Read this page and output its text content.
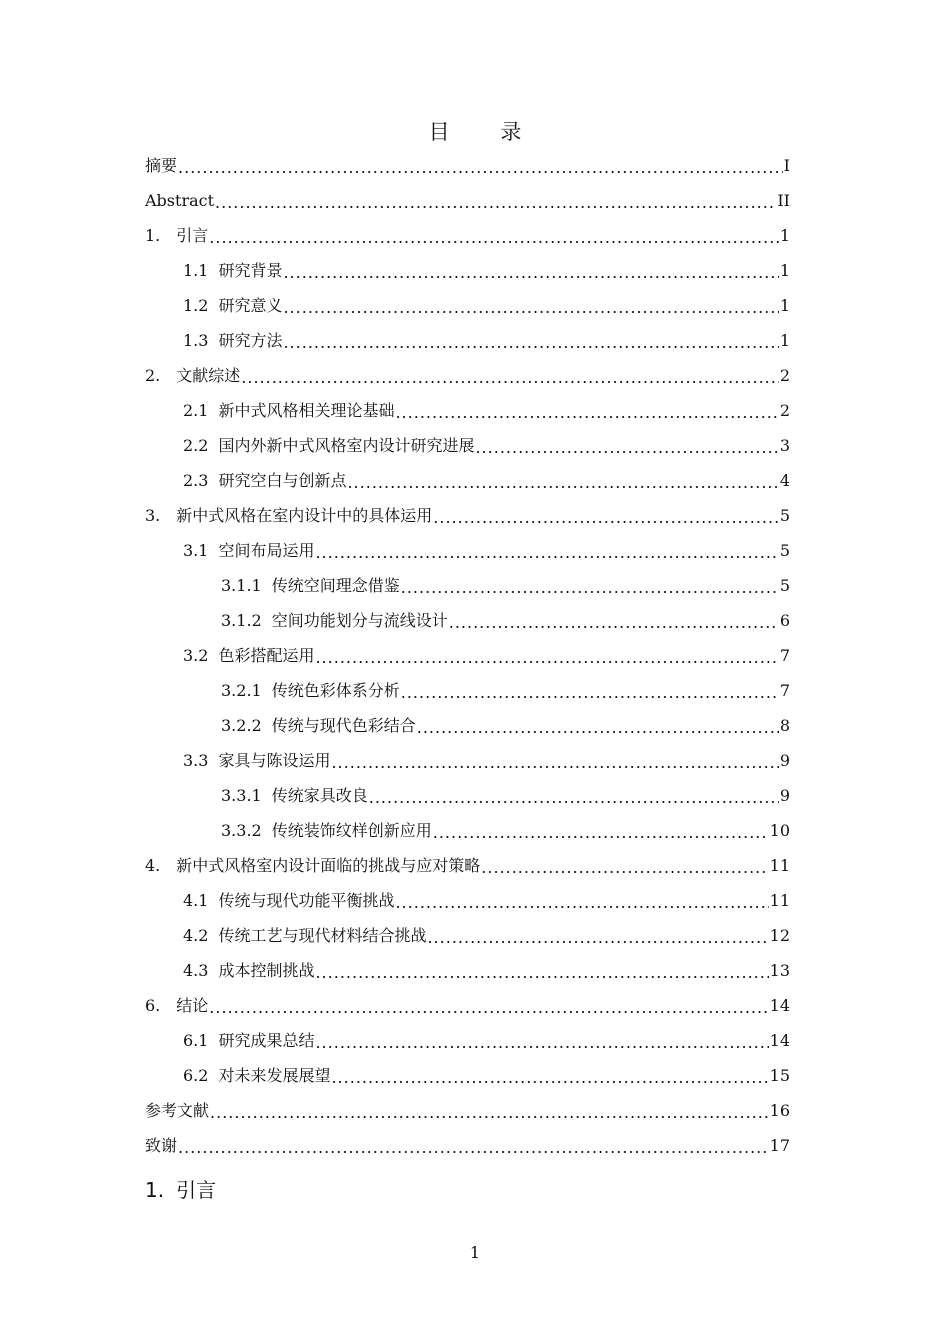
目 录
摘要 .....	I
Abstract .....	II
1. 引言 .....	1
1.1 研究背景 .....	1
1.2 研究意义 .....	1
1.3 研究方法 .....	1
2. 文献综述 .....	2
2.1 新中式风格相关理论基础 .....	2
2.2 国内外新中式风格室内设计研究进展 .....	3
2.3 研究空白与创新点 .....	4
3. 新中式风格在室内设计中的具体运用 .....	5
3.1 空间布局运用 .....	5
3.1.1 传统空间理念借鉴 .....	5
3.1.2 空间功能划分与流线设计 .....	6
3.2 色彩搭配运用 .....	7
3.2.1 传统色彩体系分析 .....	7
3.2.2 传统与现代色彩结合 .....	8
3.3 家具与陈设运用 .....	9
3.3.1 传统家具改良 .....	9
3.3.2 传统装饰纹样创新应用 .....	10
4. 新中式风格室内设计面临的挑战与应对策略 .....	11
4.1 传统与现代功能平衡挑战 .....	11
4.2 传统工艺与现代材料结合挑战 .....	12
4.3 成本控制挑战 .....	13
6. 结论 .....	14
6.1 研究成果总结 .....	14
6.2 对未来发展展望 .....	15
参考文献 .....	16
致谢 .....	17
1. 引言
1
